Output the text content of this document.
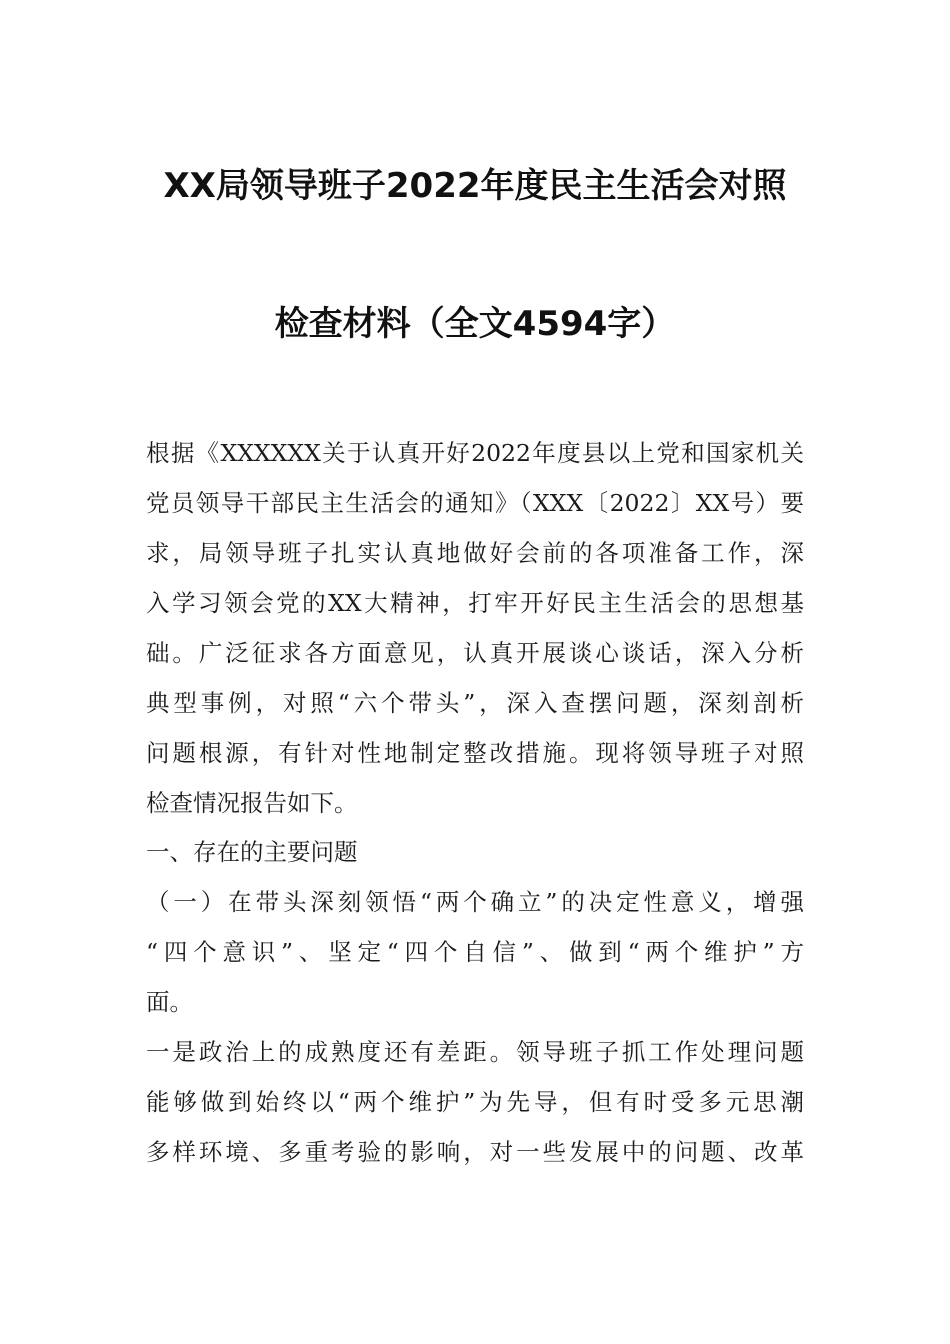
XX局领导班子2022年度民主生活会对照
检查材料（全文4594字）
根据《XXXXXX关于认真开好2022年度县以上党和国家机关
党员领导干部民主生活会的通知》（XXX〔2022〕XX号）要
求，局领导班子扎实认真地做好会前的各项准备工作，深
入学习领会党的XX大精神，打牢开好民主生活会的思想基
础。广泛征求各方面意见，认真开展谈心谈话，深入分析
典型事例，对照“六个带头”，深入查摆问题，深刻剖析
问题根源，有针对性地制定整改措施。现将领导班子对照
检查情况报告如下。
一、存在的主要问题
（一）在带头深刻领悟“两个确立”的决定性意义，增强
“四个意识”、坚定“四个自信”、做到“两个维护”方
面。
一是政治上的成熟度还有差距。领导班子抓工作处理问题
能够做到始终以“两个维护”为先导，但有时受多元思潮
多样环境、多重考验的影响，对一些发展中的问题、改革
